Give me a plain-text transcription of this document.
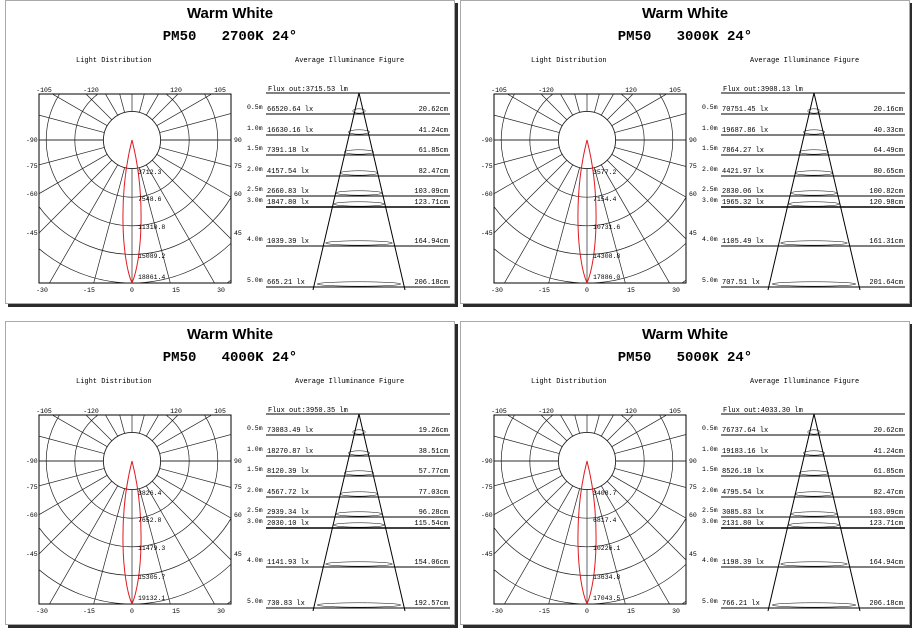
Warm White
PM50   2700K 24°
Light Distribution	Average Illuminance Figure
3712.3
7548.6
11310.8
15089.2
18861.4
-105	-120	120	105
-90
-75
-60
-45
90
75
60
45
-30	-15	0	15	30
Flux out:3715.53 lm
0.5m 66520.64 lx	20.62cm
1.0m 16630.16 lx	41.24cm
1.5m 7391.18 lx	61.85cm
2.0m 4157.54 lx	82.47cm
2.5m 2660.83 lx	103.09cm
3.0m 1847.80 lx	123.71cm
4.0m 1039.39 lx	164.94cm
5.0m 665.21 lx	206.18cm
Warm White
PM50   3000K 24°
Light Distribution	Average Illuminance Figure
3577.2
7154.4
10731.6
14308.8
17886.0
-105	-120	120	105
-90
-75
-60
-45
90
75
60
45
-30	-15	0	15	30
Flux out:3908.13 lm
0.5m 70751.45 lx	20.16cm
1.0m 19687.86 lx	40.33cm
1.5m 7864.27 lx	64.49cm
2.0m 4421.97 lx	80.65cm
2.5m 2830.06 lx	100.82cm
3.0m 1965.32 lx	120.98cm
4.0m 1105.49 lx	161.31cm
5.0m 707.51 lx	201.64cm
Warm White
PM50   4000K 24°
Light Distribution	Average Illuminance Figure
3826.4
7652.8
11479.3
15305.7
19132.1
-105	-120	120	105
-90
-75
-60
-45
90
75
60
45
-30	-15	0	15	30
Flux out:3950.35 lm
0.5m 73083.49 lx	19.26cm
1.0m 18270.87 lx	38.51cm
1.5m 8120.39 lx	57.77cm
2.0m 4567.72 lx	77.03cm
2.5m 2939.34 lx	96.28cm
3.0m 2030.10 lx	115.54cm
4.0m 1141.93 lx	154.06cm
5.0m 730.83 lx	192.57cm
Warm White
PM50   5000K 24°
Light Distribution	Average Illuminance Figure
3408.7
6817.4
10226.1
13634.8
17043.5
-105	-120	120	105
-90
-75
-60
-45
90
75
60
45
-30	-15	0	15	30
Flux out:4033.30 lm
0.5m 76737.64 lx	20.62cm
1.0m 19183.16 lx	41.24cm
1.5m 8526.18 lx	61.85cm
2.0m 4795.54 lx	82.47cm
2.5m 3085.83 lx	103.09cm
3.0m 2131.80 lx	123.71cm
4.0m 1198.39 lx	164.94cm
5.0m 766.21 lx	206.18cm
